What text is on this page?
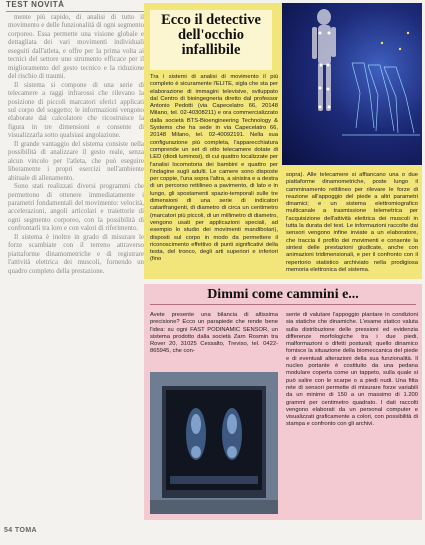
TEST NOVITÀ

mente più rapido, di analisi di tutto il movimento e delle funzionalità di ogni segmento corporeo. Essa permette una visione globale e dettagliata dei vari movimenti individuali eseguiti dall'atleta, e offre per la prima volta ai tecnici del settore uno strumento efficace per il miglioramento del gesto tecnico e la riduzione del rischio di traumi.

Il sistema si compone di una serie di telecamere a raggi infrarossi che rilevano la posizione di piccoli marcatori sferici applicati sul corpo del soggetto; le informazioni vengono elaborate dal calcolatore che ricostruisce la figura in tre dimensioni e consente di visualizzarla sotto qualsiasi angolazione.

Il grande vantaggio del sistema consiste nella possibilità di analizzare il gesto reale, senza alcun vincolo per l'atleta, che può eseguire liberamente i propri esercizi nell'ambiente abituale di allenamento.

Sono stati realizzati diversi programmi che permettono di ottenere immediatamente i parametri fondamentali del movimento: velocità, accelerazioni, angoli articolari e traiettorie di ogni segmento corporeo, con la possibilità di confrontarli tra loro e con valori di riferimento.

Il sistema è inoltre in grado di misurare le forze scambiate con il terreno attraverso piattaforme dinamometriche e di registrare l'attività elettrica dei muscoli, fornendo un quadro completo della prestazione.

Ecco il detective dell'occhio infallibile

Tra i sistemi di analisi di movimento il più completo è sicuramente l'ELITE, sigla che sta per elaborazione di immagini televisive, sviluppato dal Centro di bioingegneria diretto dal professor Antonio Pedotti (via Capecelatro 66, 20148 Milano, tel. 02-40308211) e ora commercializzato dalla società BTS-Bioengineering Technology & Systems che ha sede in via Capecelatro 66, 20148 Milano, tel. 02-40092191. Nella sua configurazione più completa, l'apparecchiatura comprende un set di otto telecamere dotate di LED (diodi luminosi), di cui quattro localizzate per l'analisi locomotoria dei bambini e quattro per l'indagine sugli adulti. Le camere sono disposte per coppie, l'una sopra l'altra, a sinistra e a destra di un percorso rettilineo a pavimento, di lato e in lungo, gli spostamenti spazio-temporali sulle tre dimensioni di una serie di indicatori catarifrangenti, di diametro di circa un centimetro (marcatori più piccoli, di un millimetro di diametro, vengono usati per applicazioni speciali, ad esempio lo studio dei movimenti mandibolari), disposti sul corpo in modo da permettere il riconoscimento effettivo di punti significativi della testa, del tronco, degli arti superiori e inferiori (fino

sopra). Alle telecamere si affiancano una o due piattaforme dinamometriche, poste lungo il camminamento rettilineo per rilevare le forze di reazione all'appoggio del piede a altri parametri dinamici; e un sistema elettromiografico multicanale a trasmissione telemetrica per l'acquisizione dell'attività elettrica dei muscoli in tutta la durata del test. Le informazioni raccolte dai sensori vengono infine inviate a un elaboratore, che traccia il profilo dei movimenti e consente la sintesi delle prestazioni giudicate, anche con animazioni tridimensionali, e per il confronto con il repertorio statistico archiviato nella prodigiosa memoria elettronica del sistema.

Dimmi come cammini e...
Avete presente una bilancia di altissima precisione? Ecco un parapiede che rende bene l'idea: su ogni FAST PODINAMIC SENSOR, un sistema prodotto dalla società Zarn Rosmin tra Rover 20, 31025 Cessalto, Treviso, tel. 0422-865945, che con-
sente di valutare l'appoggio plantare in condizioni sia statiche che dinamiche. L'esame statico valuta sulla distribuzione delle pressioni ed evidenzia differenze morfologiche tra i due piedi, malformazioni o difetti posturali; quello dinamico fornisce la situazione della biomeccanica del piede e di eventuali alterazioni della sua funzionalità. Il nucleo portante è costituito da una pedana modulare coperta come un tappeto, sulla quale si può salire con le scarpe o a piedi nudi. Una fitta rete di sensori permette di misurare forze variabili da un minimo di 150 a un massimo di 1.200 grammi per centimetro quadrato. I dati raccolti vengono elaborati da un personal computer e visualizzati graficamente a colori, con possibilità di stampa e confronto con gli archivi.
54 TOMA
